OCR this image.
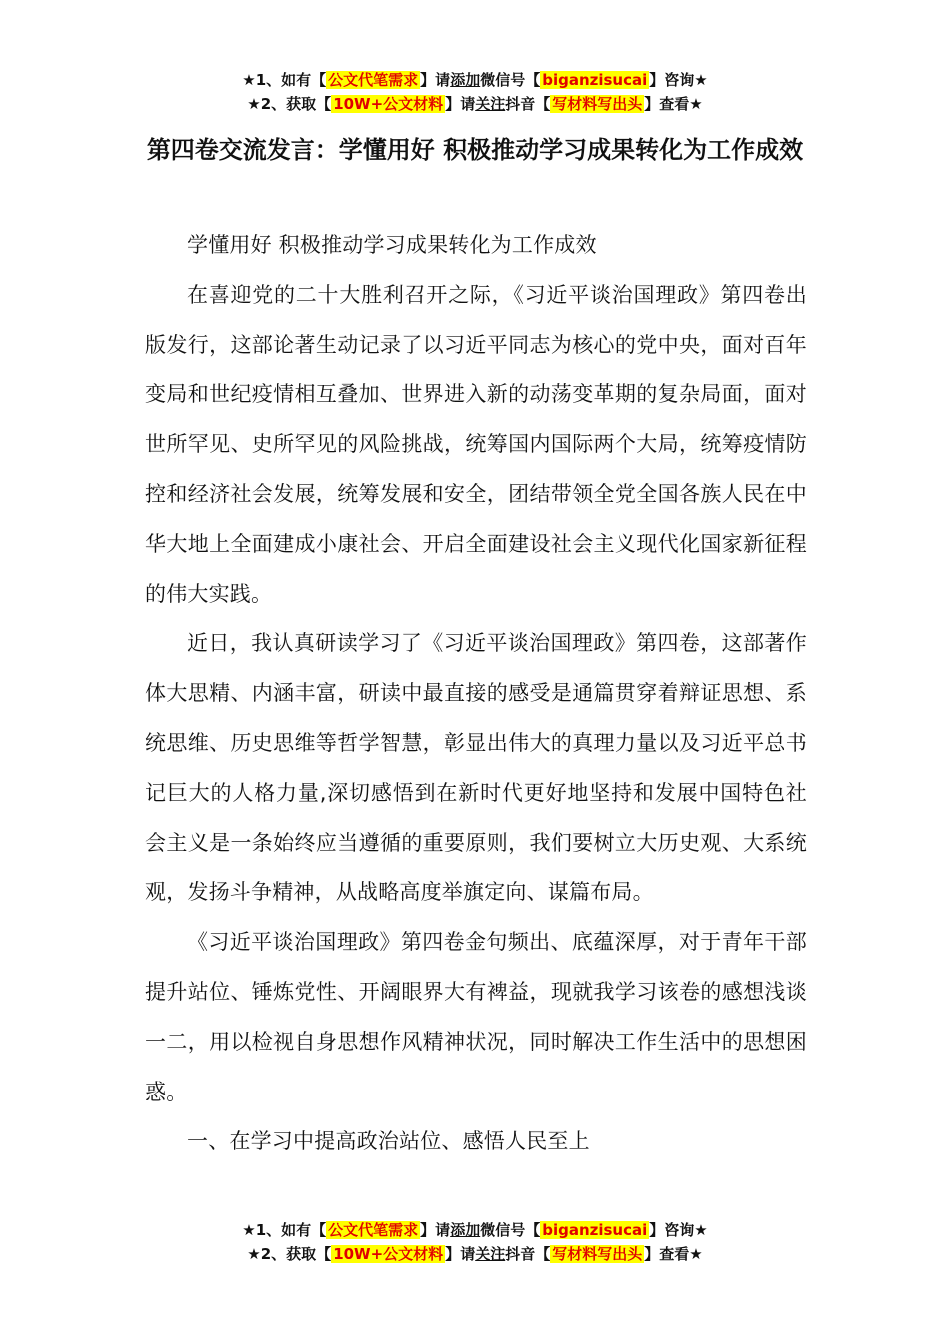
★1、如有【 公文代笔需求 】请添加微信号【 biganzisucai 】咨询★
★2、获取【 10W+公文材料 】请关注抖音【 写材料写出头 】查看★
第四卷交流发言：学懂用好 积极推动学习成果转化为工作成效

学懂用好 积极推动学习成果转化为工作成效

在喜迎党的二十大胜利召开之际，《习近平谈治国理政》第四卷出版发行，这部论著生动记录了以习近平同志为核心的党中央，面对百年变局和世纪疫情相互叠加、世界进入新的动荡变革期的复杂局面，面对世所罕见、史所罕见的风险挑战，统筹国内国际两个大局，统筹疫情防控和经济社会发展，统筹发展和安全，团结带领全党全国各族人民在中华大地上全面建成小康社会、开启全面建设社会主义现代化国家新征程的伟大实践。

近日，我认真研读学习了《习近平谈治国理政》第四卷，这部著作体大思精、内涵丰富，研读中最直接的感受是通篇贯穿着辩证思想、系统思维、历史思维等哲学智慧，彰显出伟大的真理力量以及习近平总书记巨大的人格力量,深切感悟到在新时代更好地坚持和发展中国特色社会主义是一条始终应当遵循的重要原则，我们要树立大历史观、大系统观，发扬斗争精神，从战略高度举旗定向、谋篇布局。

《习近平谈治国理政》第四卷金句频出、底蕴深厚，对于青年干部提升站位、锤炼党性、开阔眼界大有裨益，现就我学习该卷的感想浅谈一二，用以检视自身思想作风精神状况，同时解决工作生活中的思想困惑。

一、在学习中提高政治站位、感悟人民至上

★1、如有【 公文代笔需求 】请添加微信号【 biganzisucai 】咨询★
★2、获取【 10W+公文材料 】请关注抖音【 写材料写出头 】查看★
